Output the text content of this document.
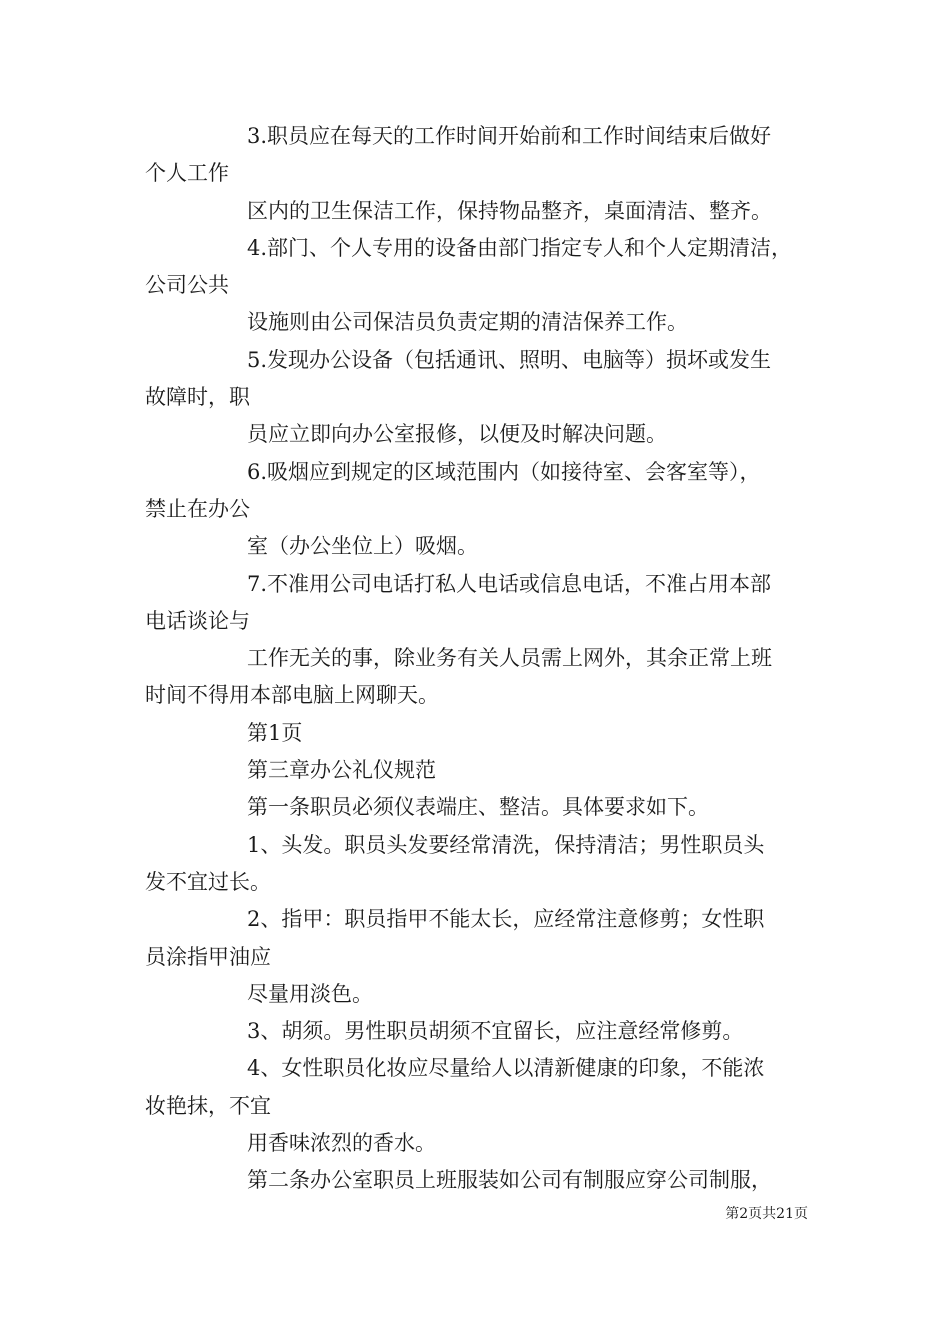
3.职员应在每天的工作时间开始前和工作时间结束后做好
个人工作
区内的卫生保洁工作，保持物品整齐，桌面清洁、整齐。
4.部门、个人专用的设备由部门指定专人和个人定期清洁，
公司公共
设施则由公司保洁员负责定期的清洁保养工作。
5.发现办公设备（包括通讯、照明、电脑等）损坏或发生
故障时，职
员应立即向办公室报修，以便及时解决问题。
6.吸烟应到规定的区域范围内（如接待室、会客室等），
禁止在办公
室（办公坐位上）吸烟。
7.不准用公司电话打私人电话或信息电话，不准占用本部
电话谈论与
工作无关的事，除业务有关人员需上网外，其余正常上班
时间不得用本部电脑上网聊天。
第1页
第三章办公礼仪规范
第一条职员必须仪表端庄、整洁。具体要求如下。
1、头发。职员头发要经常清洗，保持清洁；男性职员头
发不宜过长。
2、指甲：职员指甲不能太长，应经常注意修剪；女性职
员涂指甲油应
尽量用淡色。
3、胡须。男性职员胡须不宜留长，应注意经常修剪。
4、女性职员化妆应尽量给人以清新健康的印象，不能浓
妆艳抹，不宜
用香味浓烈的香水。
第二条办公室职员上班服装如公司有制服应穿公司制服，
第2页共21页
